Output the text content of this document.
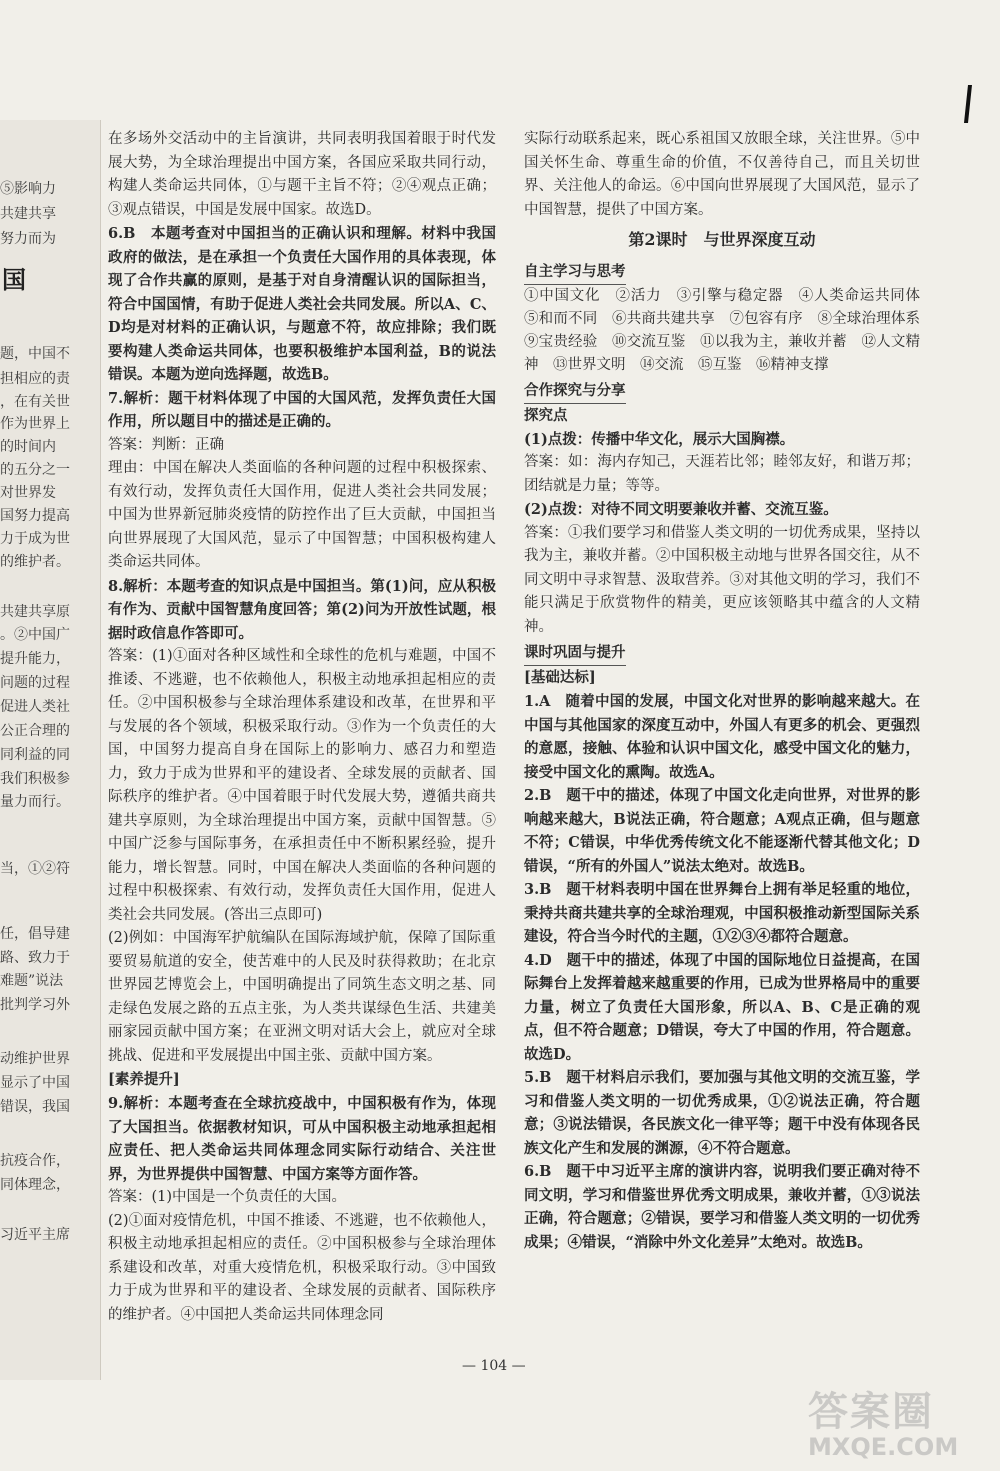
国
⑤影响力
共建共享
努力而为
题，中国不
担相应的责
，在有关世
作为世界上
的时间内
的五分之一
对世界发
国努力提高
力于成为世
的维护者。
共建共享原
。②中国广
提升能力，
问题的过程
促进人类社
公正合理的
同利益的同
我们积极参
量力而行。
当，①②符
任，倡导建
路、致力于
难题”说法
批判学习外
动维护世界
显示了中国
错误，我国
抗疫合作，
同体理念，
习近平主席

在多场外交活动中的主旨演讲，共同表明我国着眼于时代发展大势，为全球治理提出中国方案，各国应采取共同行动，构建人类命运共同体，①与题干主旨不符；②④观点正确；③观点错误，中国是发展中国家。故选D。

6.B　本题考查对中国担当的正确认识和理解。材料中我国政府的做法，是在承担一个负责任大国作用的具体表现，体现了合作共赢的原则，是基于对自身清醒认识的国际担当，符合中国国情，有助于促进人类社会共同发展。所以A、C、D均是对材料的正确认识，与题意不符，故应排除；我们既要构建人类命运共同体，也要积极维护本国利益，B的说法错误。本题为逆向选择题，故选B。

7.解析：题干材料体现了中国的大国风范，发挥负责任大国作用，所以题目中的描述是正确的。

答案：判断：正确

理由：中国在解决人类面临的各种问题的过程中积极探索、有效行动，发挥负责任大国作用，促进人类社会共同发展；中国为世界新冠肺炎疫情的防控作出了巨大贡献，中国担当向世界展现了大国风范，显示了中国智慧；中国积极构建人类命运共同体。

8.解析：本题考查的知识点是中国担当。第(1)问，应从积极有作为、贡献中国智慧角度回答；第(2)问为开放性试题，根据时政信息作答即可。

答案：(1)①面对各种区域性和全球性的危机与难题，中国不推诿、不逃避，也不依赖他人，积极主动地承担起相应的责任。②中国积极参与全球治理体系建设和改革，在世界和平与发展的各个领域，积极采取行动。③作为一个负责任的大国，中国努力提高自身在国际上的影响力、感召力和塑造力，致力于成为世界和平的建设者、全球发展的贡献者、国际秩序的维护者。④中国着眼于时代发展大势，遵循共商共建共享原则，为全球治理提出中国方案，贡献中国智慧。⑤中国广泛参与国际事务，在承担责任中不断积累经验，提升能力，增长智慧。同时，中国在解决人类面临的各种问题的过程中积极探索、有效行动，发挥负责任大国作用，促进人类社会共同发展。(答出三点即可)

(2)例如：中国海军护航编队在国际海域护航，保障了国际重要贸易航道的安全，使苦难中的人民及时获得救助；在北京世界园艺博览会上，中国明确提出了同筑生态文明之基、同走绿色发展之路的五点主张，为人类共谋绿色生活、共建美丽家园贡献中国方案；在亚洲文明对话大会上，就应对全球挑战、促进和平发展提出中国主张、贡献中国方案。

[素养提升]

9.解析：本题考查在全球抗疫战中，中国积极有作为，体现了大国担当。依据教材知识，可从中国积极主动地承担起相应责任、把人类命运共同体理念同实际行动结合、关注世界，为世界提供中国智慧、中国方案等方面作答。

答案：(1)中国是一个负责任的大国。

(2)①面对疫情危机，中国不推诿、不逃避，也不依赖他人，积极主动地承担起相应的责任。②中国积极参与全球治理体系建设和改革，对重大疫情危机，积极采取行动。③中国致力于成为世界和平的建设者、全球发展的贡献者、国际秩序的维护者。④中国把人类命运共同体理念同

实际行动联系起来，既心系祖国又放眼全球，关注世界。⑤中国关怀生命、尊重生命的价值，不仅善待自己，而且关切世界、关注他人的命运。⑥中国向世界展现了大国风范，显示了中国智慧，提供了中国方案。

第2课时　与世界深度互动
自主学习与思考

①中国文化　②活力　③引擎与稳定器　④人类命运共同体　⑤和而不同　⑥共商共建共享　⑦包容有序　⑧全球治理体系　⑨宝贵经验　⑩交流互鉴　⑪以我为主，兼收并蓄　⑫人文精神　⑬世界文明　⑭交流　⑮互鉴　⑯精神支撑

合作探究与分享
探究点

(1)点拨：传播中华文化，展示大国胸襟。

答案：如：海内存知己，天涯若比邻；睦邻友好，和谐万邦；团结就是力量；等等。

(2)点拨：对待不同文明要兼收并蓄、交流互鉴。

答案：①我们要学习和借鉴人类文明的一切优秀成果，坚持以我为主，兼收并蓄。②中国积极主动地与世界各国交往，从不同文明中寻求智慧、汲取营养。③对其他文明的学习，我们不能只满足于欣赏物件的精美，更应该领略其中蕴含的人文精神。

课时巩固与提升
[基础达标]

1.A　随着中国的发展，中国文化对世界的影响越来越大。在中国与其他国家的深度互动中，外国人有更多的机会、更强烈的意愿，接触、体验和认识中国文化，感受中国文化的魅力，接受中国文化的熏陶。故选A。

2.B　题干中的描述，体现了中国文化走向世界，对世界的影响越来越大，B说法正确，符合题意；A观点正确，但与题意不符；C错误，中华优秀传统文化不能逐渐代替其他文化；D错误，“所有的外国人”说法太绝对。故选B。

3.B　题干材料表明中国在世界舞台上拥有举足轻重的地位，秉持共商共建共享的全球治理观，中国积极推动新型国际关系建设，符合当今时代的主题，①②③④都符合题意。

4.D　题干中的描述，体现了中国的国际地位日益提高，在国际舞台上发挥着越来越重要的作用，已成为世界格局中的重要力量，树立了负责任大国形象，所以A、B、C是正确的观点，但不符合题意；D错误，夸大了中国的作用，符合题意。故选D。

5.B　题干材料启示我们，要加强与其他文明的交流互鉴，学习和借鉴人类文明的一切优秀成果，①②说法正确，符合题意；③说法错误，各民族文化一律平等；题干中没有体现各民族文化产生和发展的渊源，④不符合题意。

6.B　题干中习近平主席的演讲内容，说明我们要正确对待不同文明，学习和借鉴世界优秀文明成果，兼收并蓄，①③说法正确，符合题意；②错误，要学习和借鉴人类文明的一切优秀成果；④错误，“消除中外文化差异”太绝对。故选B。

— 104 —
答案圈
MXQE.COM
